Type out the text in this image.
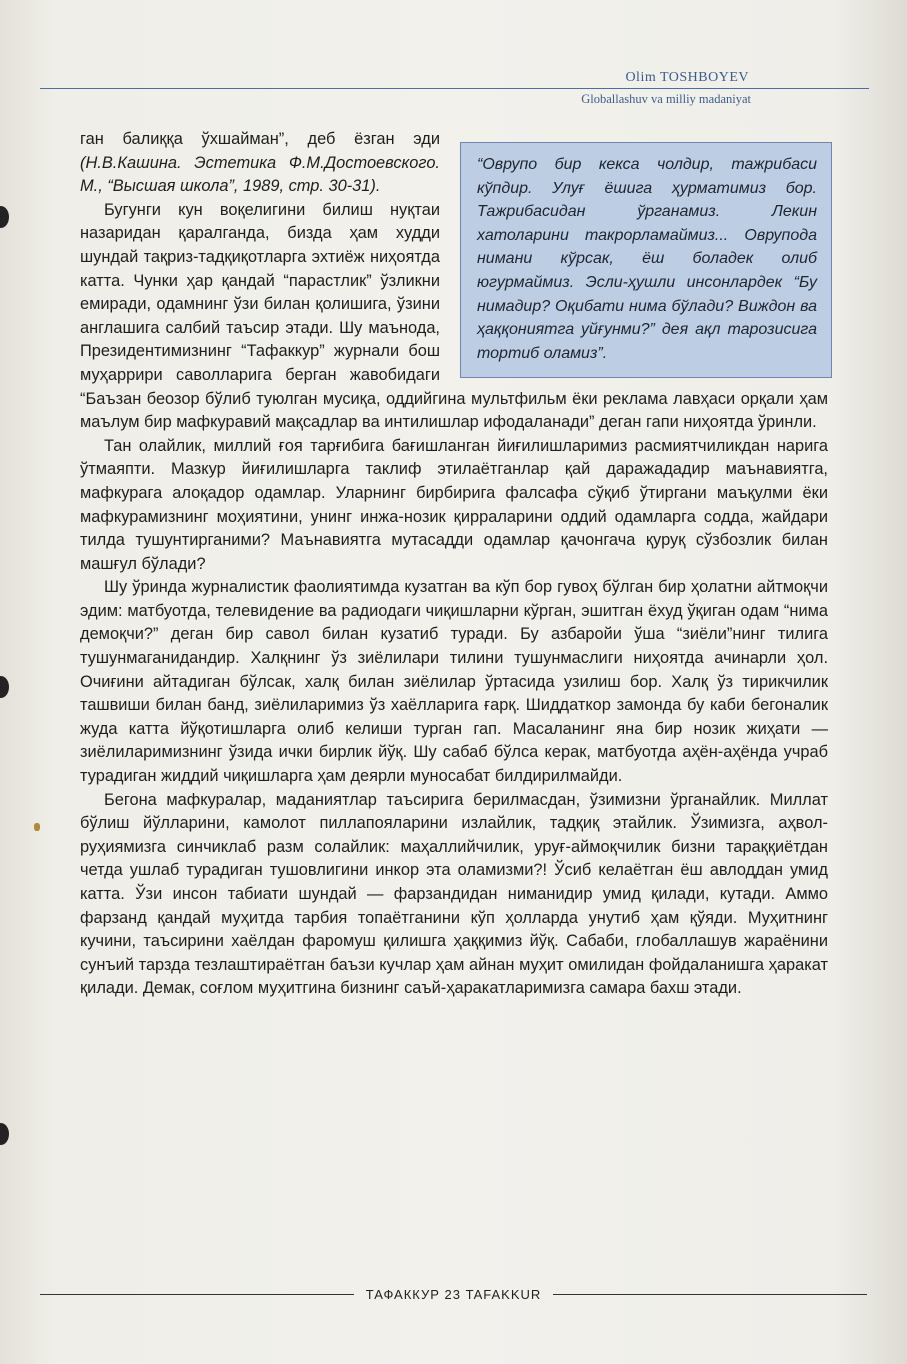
Olim TOSHBOYEV
Globallashuv va milliy madaniyat
“Оврупо бир кекса чолдир, тажрибаси кўпдир. Улуғ ёшига ҳурматимиз бор. Тажрибасидан ўрганамиз. Лекин хатоларини такрорламаймиз... Оврупода нимани кўрсак, ёш боладек олиб югурмаймиз. Эсли-ҳушли инсонлардек “Бу нимадир? Оқибати нима бўлади? Виждон ва ҳаққониятга уйғунми?” дея ақл тарозисига тортиб оламиз”.

ган балиққа ўхшайман”, деб ёзган эди (Н.В.Кашина. Эстетика Ф.М.Достоевского. М., “Высшая школа”, 1989, стр. 30-31).

Бугунги кун воқелигини билиш нуқтаи назаридан қаралганда, бизда ҳам худди шундай тақриз-тадқиқотларга эхтиёж ниҳоятда катта. Чунки ҳар қандай “парастлик” ўзликни емиради, одамнинг ўзи билан қолишига, ўзини англашига салбий таъсир этади. Шу маънода, Президентимизнинг “Тафаккур” журнали бош муҳаррири саволларига берган жавобидаги “Баъзан беозор бўлиб туюлган мусиқа, оддийгина мультфильм ёки реклама лавҳаси орқали ҳам маълум бир мафкуравий мақсадлар ва интилишлар ифодаланади” деган гапи ниҳоятда ўринли.

Тан олайлик, миллий ғоя тарғибига бағишланган йиғилишларимиз расмиятчиликдан нарига ўтмаяпти. Мазкур йиғилишларга таклиф этилаётганлар қай даражададир маънавиятга, мафкурага алоқадор одамлар. Уларнинг бирбирига фалсафа сўқиб ўтиргани маъқулми ёки мафкурамизнинг моҳиятини, унинг инжа-нозик қирраларини оддий одамларга содда, жайдари тилда тушунтирганими? Маънавиятга мутасадди одамлар қачонгача қуруқ сўзбозлик билан машғул бўлади?

Шу ўринда журналистик фаолиятимда кузатган ва кўп бор гувоҳ бўлган бир ҳолатни айтмоқчи эдим: матбуотда, телевидение ва радиодаги чиқишларни кўрган, эшитган ёхуд ўқиган одам “нима демоқчи?” деган бир савол билан кузатиб туради. Бу азбаройи ўша “зиёли”нинг тилига тушунмаганидандир. Халқнинг ўз зиёлилари тилини тушунмаслиги ниҳоятда ачинарли ҳол. Очиғини айтадиган бўлсак, халқ билан зиёлилар ўртасида узилиш бор. Халқ ўз тирикчилик ташвиши билан банд, зиёлиларимиз ўз хаёлларига ғарқ. Шиддаткор замонда бу каби бегоналик жуда катта йўқотишларга олиб келиши турган гап. Масаланинг яна бир нозик жиҳати — зиёлиларимизнинг ўзида ички бирлик йўқ. Шу сабаб бўлса керак, матбуотда аҳён-аҳёнда учраб турадиган жиддий чиқишларга ҳам деярли муносабат билдирилмайди.

Бегона мафкуралар, маданиятлар таъсирига берилмасдан, ўзимизни ўрганайлик. Миллат бўлиш йўлларини, камолот пиллапояларини излайлик, тадқиқ этайлик. Ўзимизга, аҳвол-руҳиямизга синчиклаб разм солайлик: маҳаллийчилик, уруғ-аймоқчилик бизни тараққиётдан четда ушлаб турадиган тушовлигини инкор эта оламизми?! Ўсиб келаётган ёш авлоддан умид катта. Ўзи инсон табиати шундай — фарзандидан ниманидир умид қилади, кутади. Аммо фарзанд қандай муҳитда тарбия топаётганини кўп ҳолларда унутиб ҳам қўяди. Муҳитнинг кучини, таъсирини хаёлдан фаромуш қилишга ҳаққимиз йўқ. Сабаби, глобаллашув жараёнини сунъий тарзда тезлаштираётган баъзи кучлар ҳам айнан муҳит омилидан фойдаланишга ҳаракат қилади. Демак, соғлом муҳитгина бизнинг саъй-ҳаракатларимизга самара бахш этади.

ТАФАККУР 23 TAFAKKUR
